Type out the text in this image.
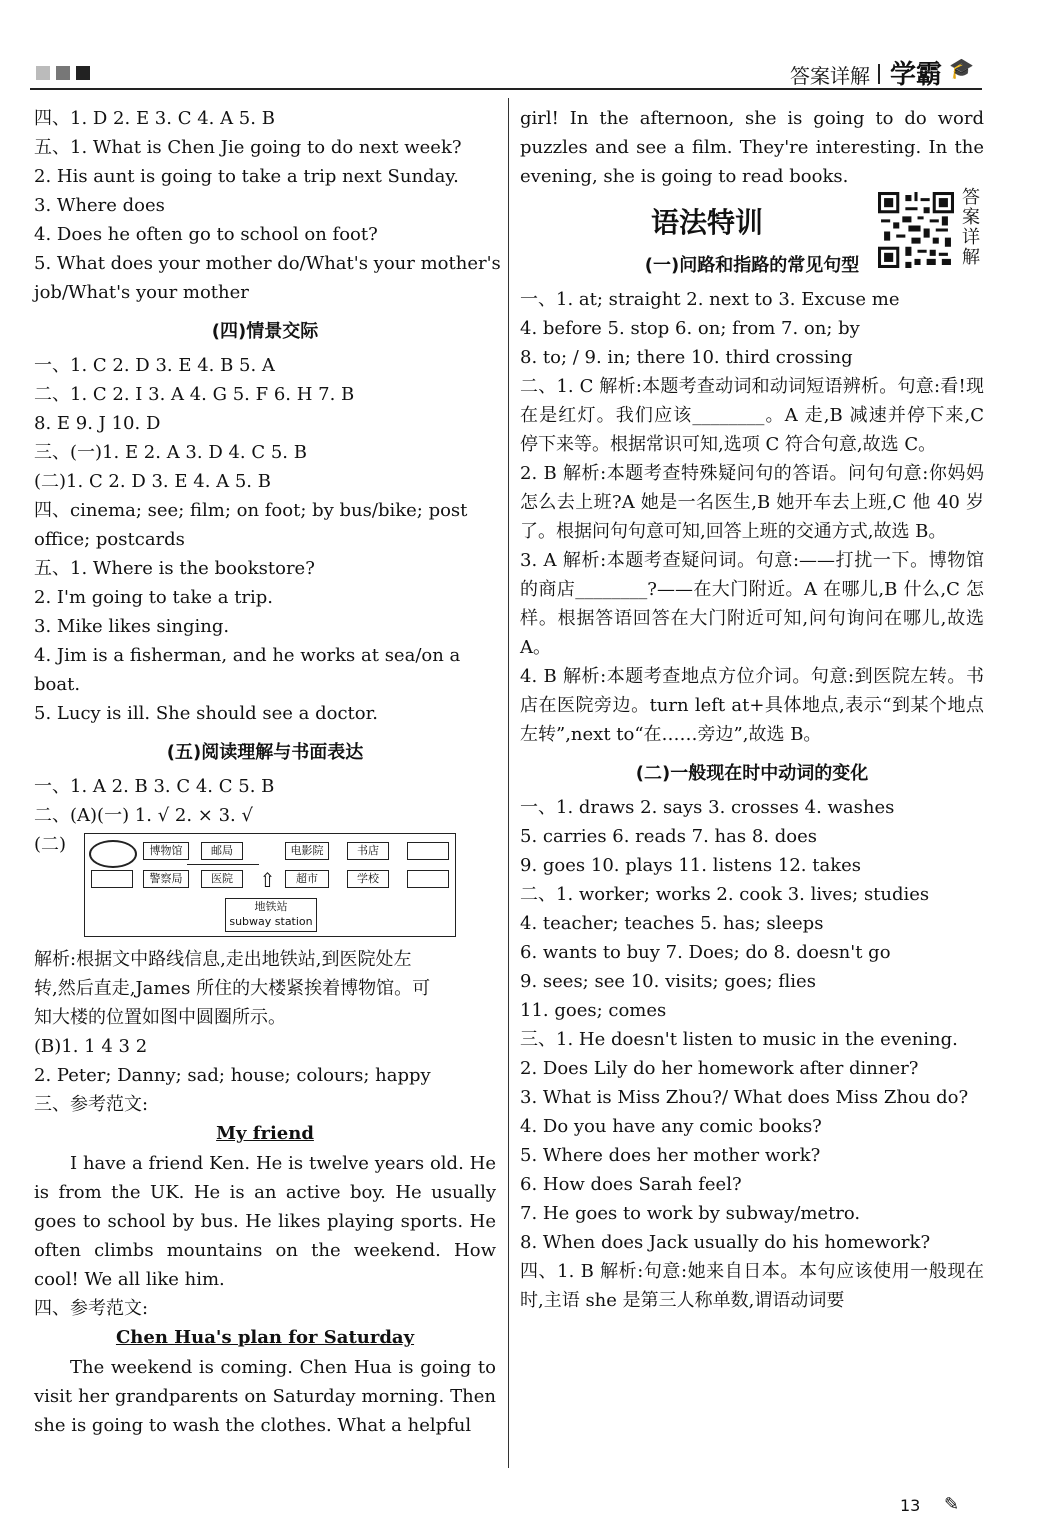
答案详解 学霸 🎓
四、1. D 2. E 3. C 4. A 5. B
五、1. What is Chen Jie going to do next week?
2. His aunt is going to take a trip next Sunday.
3. Where does
4. Does he often go to school on foot?
5. What does your mother do/What's your mother's
job/What's your mother
(四)情景交际
一、1. C 2. D 3. E 4. B 5. A
二、1. C 2. I 3. A 4. G 5. F 6. H 7. B
8. E 9. J 10. D
三、(一)1. E 2. A 3. D 4. C 5. B
(二)1. C 2. D 3. E 4. A 5. B
四、cinema; see; film; on foot; by bus/bike; post
office; postcards
五、1. Where is the bookstore?
2. I'm going to take a trip.
3. Mike likes singing.
4. Jim is a fisherman, and he works at sea/on a
boat.
5. Lucy is ill. She should see a doctor.
(五)阅读理解与书面表达
一、1. A 2. B 3. C 4. C 5. B
二、(A)(一) 1. √ 2. × 3. √
(二)	博物馆	邮局	电影院	书店
警察局	医院	超市	学校
⇧
地铁站
subway station
解析:根据文中路线信息,走出地铁站,到医院处左
转,然后直走,James 所住的大楼紧挨着博物馆。可
知大楼的位置如图中圆圈所示。
(B)1. 1 4 3 2
2. Peter; Danny; sad; house; colours; happy
三、参考范文:
My friend
I have a friend Ken. He is twelve years old. He is from the UK. He is an active boy. He usually goes to school by bus. He likes playing sports. He often climbs mountains on the weekend. How cool! We all like him.
四、参考范文:
Chen Hua's plan for Saturday
The weekend is coming. Chen Hua is going to visit her grandparents on Saturday morning. Then she is going to wash the clothes. What a helpful
girl! In the afternoon, she is going to do word puzzles and see a film. They're interesting. In the evening, she is going to read books.
语法特训
(一)问路和指路的常见句型
一、1. at; straight 2. next to 3. Excuse me
4. before 5. stop 6. on; from 7. on; by
8. to; / 9. in; there 10. third crossing
二、1. C 解析:本题考查动词和动词短语辨析。句意:看!现在是红灯。我们应该________。A 走,B 减速并停下来,C 停下来等。根据常识可知,选项 C 符合句意,故选 C。
2. B 解析:本题考查特殊疑问句的答语。问句句意:你妈妈怎么去上班?A 她是一名医生,B 她开车去上班,C 他 40 岁了。根据问句句意可知,回答上班的交通方式,故选 B。
3. A 解析:本题考查疑问词。句意:——打扰一下。博物馆的商店________?——在大门附近。A 在哪儿,B 什么,C 怎样。根据答语回答在大门附近可知,问句询问在哪儿,故选 A。
4. B 解析:本题考查地点方位介词。句意:到医院左转。书店在医院旁边。turn left at+具体地点,表示“到某个地点左转”,next to“在……旁边”,故选 B。
(二)一般现在时中动词的变化
一、1. draws 2. says 3. crosses 4. washes
5. carries 6. reads 7. has 8. does
9. goes 10. plays 11. listens 12. takes
二、1. worker; works 2. cook 3. lives; studies
4. teacher; teaches 5. has; sleeps
6. wants to buy 7. Does; do 8. doesn't go
9. sees; see 10. visits; goes; flies
11. goes; comes
三、1. He doesn't listen to music in the evening.
2. Does Lily do her homework after dinner?
3. What is Miss Zhou?/ What does Miss Zhou do?
4. Do you have any comic books?
5. Where does her mother work?
6. How does Sarah feel?
7. He goes to work by subway/metro.
8. When does Jack usually do his homework?
四、1. B 解析:句意:她来自日本。本句应该使用一般现在时,主语 she 是第三人称单数,谓语动词要
答
案
详
解
13 ✎
